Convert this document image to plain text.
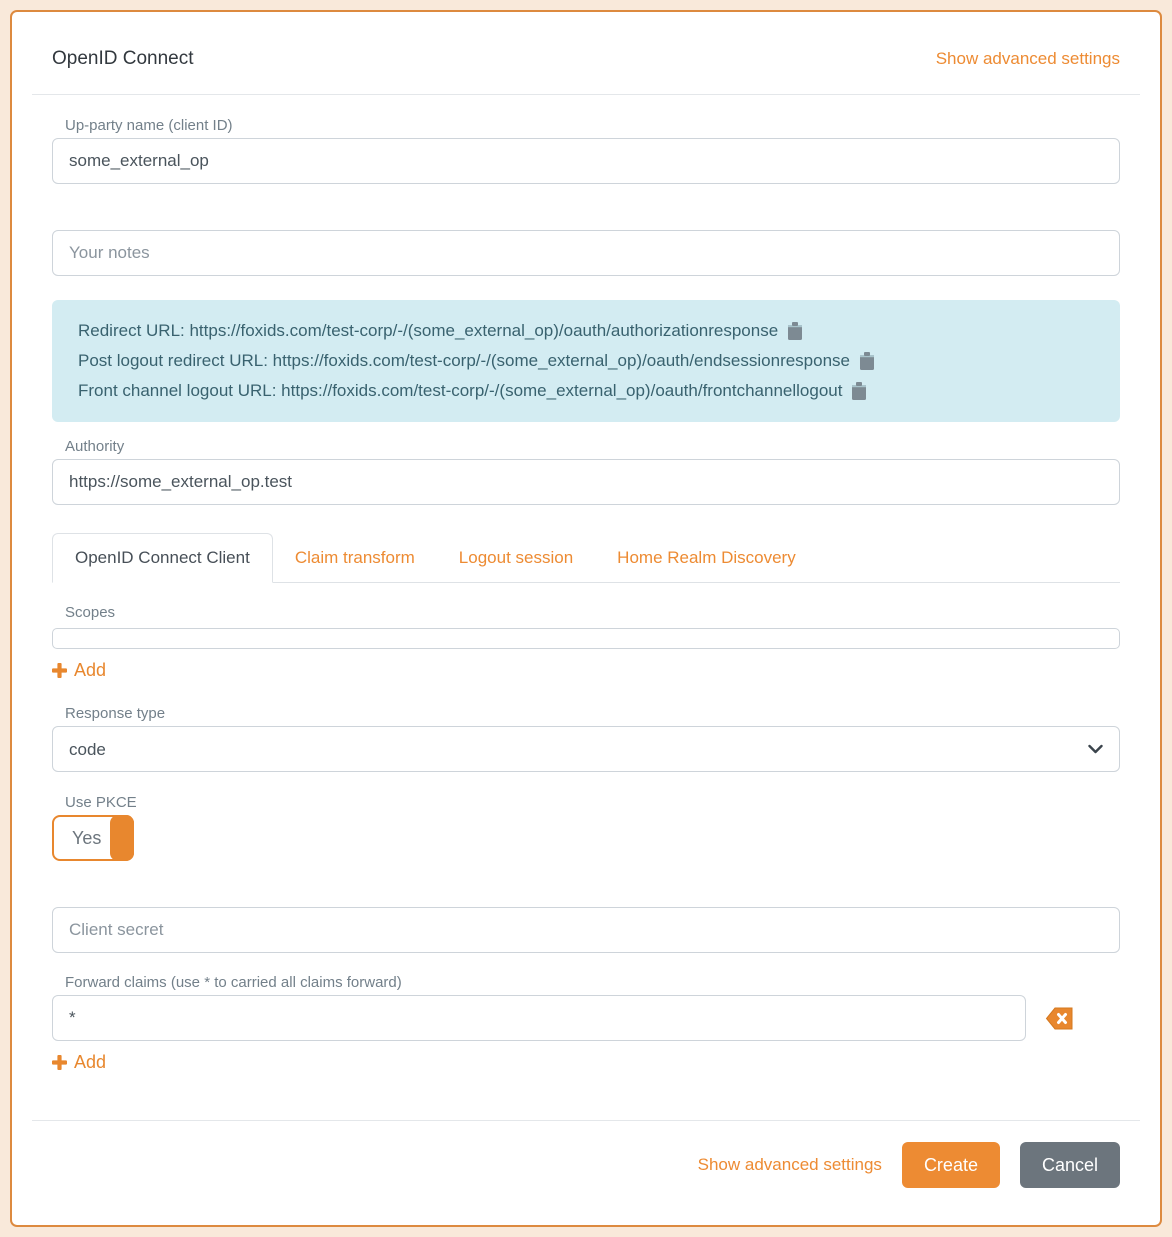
OpenID Connect	Show advanced settings
Up-party name (client ID)
some_external_op
Your notes
Redirect URL: https://foxids.com/test-corp/-/(some_external_op)/oauth/authorizationresponse
Post logout redirect URL: https://foxids.com/test-corp/-/(some_external_op)/oauth/endsessionresponse
Front channel logout URL: https://foxids.com/test-corp/-/(some_external_op)/oauth/frontchannellogout
Authority
https://some_external_op.test
OpenID Connect Client	Claim transform	Logout session	Home Realm Discovery
Scopes
Add
Response type
code
Use PKCE
Yes
Client secret
Forward claims (use * to carried all claims forward)
*
Add
Show advanced settings	Create	Cancel
